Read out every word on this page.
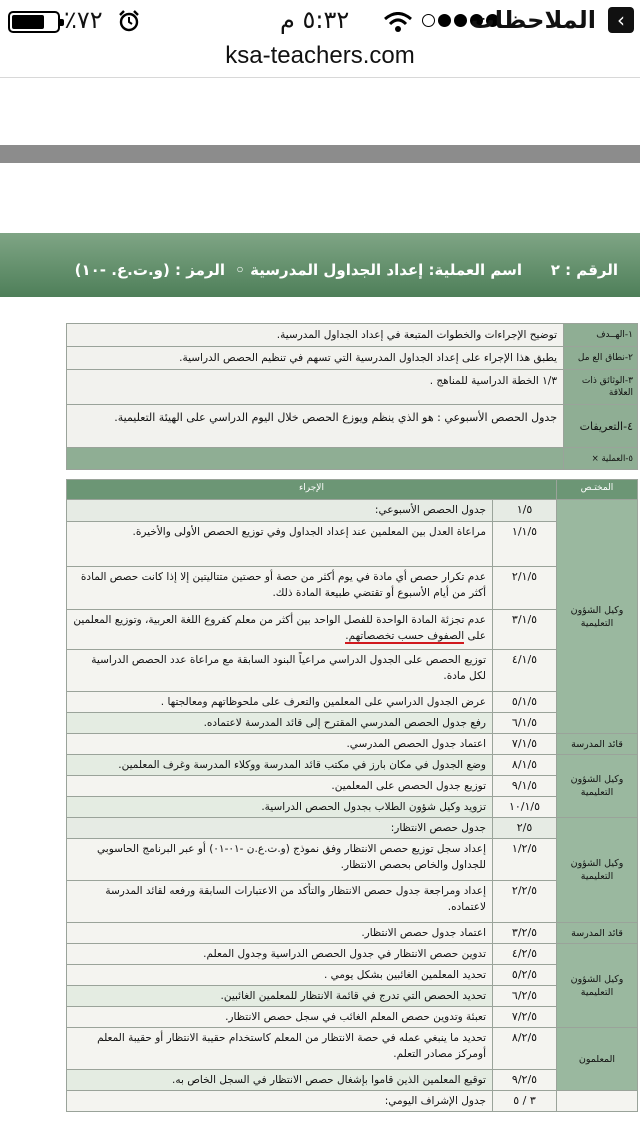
٪٧٢	٥:٣٢ م	الملاحظات	‹
ksa-teachers.com
الرقم : ٢
اسم العملية: إعداد الجداول المدرسية ◦
الرمز : (و.ت.ع. -١٠)
١-الهــدف	توضيح الإجراءات والخطوات المتبعة في إعداد الجداول المدرسية.
٢-نطاق الع مل	يطبق هذا الإجراء على إعداد الجداول المدرسية التي تسهم في تنظيم الحصص الدراسية.
٣-الوثائق ذات العلاقة	١/٣ الخطة الدراسية للمناهج .
٤-التعريفات	جدول الحصص الأسبوعي : هو الذي ينظم ويوزع الحصص خلال اليوم الدراسي على الهيئة التعليمية.
٥-العملية ×	
المختـص	الإجراء	
وكيل الشؤون التعليمية	١/٥	جدول الحصص الأسبوعي:
	١/١/٥	مراعاة العدل بين المعلمين عند إعداد الجداول وفي توزيع الحصص الأولى والأخيرة.
	٢/١/٥	عدم تكرار حصص أي مادة في يوم أكثر من حصة أو حصتين متتاليتين إلا إذا كانت حصص المادة أكثر من أيام الأسبوع أو تقتضي طبيعة المادة ذلك.
	٣/١/٥	عدم تجزئة المادة الواحدة للفصل الواحد بين أكثر من معلم كفروع اللغة العربية، وتوزيع المعلمين على الصفوف حسب تخصصاتهم.
	٤/١/٥	توزيع الحصص على الجدول الدراسي مراعياً البنود السابقة مع مراعاة عدد الحصص الدراسية لكل مادة.
	٥/١/٥	عرض الجدول الدراسي على المعلمين والتعرف على ملحوظاتهم ومعالجتها .
	٦/١/٥	رفع جدول الحصص المدرسي المقترح إلى قائد المدرسة لاعتماده.
قائد المدرسة	٧/١/٥	اعتماد جدول الحصص المدرسي.
وكيل الشؤون التعليمية	٨/١/٥	وضع الجدول في مكان بارز في مكتب قائد المدرسة ووكلاء المدرسة وغرف المعلمين.
	٩/١/٥	توزيع جدول الحصص على المعلمين.
	١٠/١/٥	تزويد وكيل شؤون الطلاب بجدول الحصص الدراسية.
وكيل الشؤون التعليمية	٢/٥	جدول حصص الانتظار:
	١/٢/٥	إعداد سجل توزيع حصص الانتظار وفق نموذج (و.ت.ع.ن -٠١-٠١) أو عبر البرنامج الحاسوبي للجداول والخاص بحصص الانتظار.
	٢/٢/٥	إعداد ومراجعة جدول حصص الانتظار والتأكد من الاعتبارات السابقة ورفعه لقائد المدرسة لاعتماده.
قائد المدرسة	٣/٢/٥	اعتماد جدول حصص الانتظار.
وكيل الشؤون التعليمية	٤/٢/٥	تدوين حصص الانتظار في جدول الحصص الدراسية وجدول المعلم.
	٥/٢/٥	تحديد المعلمين الغائبين بشكل يومي .
	٦/٢/٥	تحديد الحصص التي تدرج في قائمة الانتظار للمعلمين الغائبين.
	٧/٢/٥	تعبئة وتدوين حصص المعلم الغائب في سجل حصص الانتظار.
المعلمون	٨/٢/٥	تحديد ما ينبغي عمله في حصة الانتظار من المعلم كاستخدام حقيبة الانتظار أو حقيبة المعلم أومركز مصادر التعلم.
	٩/٢/٥	توقيع المعلمين الذين قاموا بإشغال حصص الانتظار في السجل الخاص به.
	٣ / ٥	جدول الإشراف اليومي:
